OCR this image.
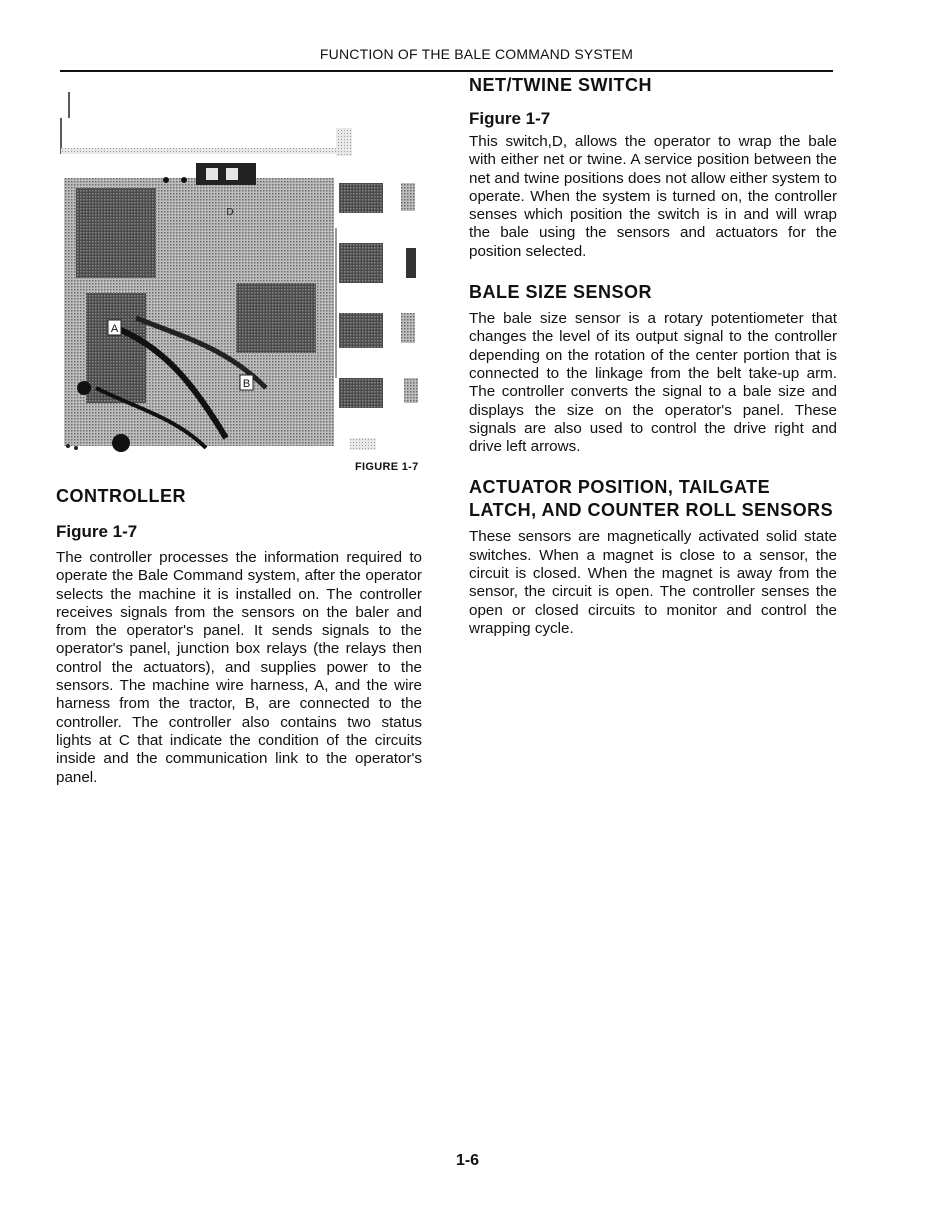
FUNCTION OF THE BALE COMMAND SYSTEM
A
B
D
FIGURE 1-7
CONTROLLER
Figure 1-7

The controller processes the information required to operate the Bale Command system, after the operator selects the machine it is installed on. The controller receives signals from the sensors on the baler and from the operator's panel. It sends signals to the operator's panel, junction box relays (the relays then control the actuators), and supplies power to the sensors. The machine wire harness, A, and the wire harness from the tractor, B, are connected to the controller. The controller also contains two status lights at C that indicate the condition of the circuits inside and the communication link to the operator's panel.

NET/TWINE SWITCH
Figure 1-7

This switch,D, allows the operator to wrap the bale with either net or twine. A service position between the net and twine positions does not allow either system to operate. When the system is turned on, the controller senses which position the switch is in and will wrap the bale using the sensors and actuators for the position selected.

BALE SIZE SENSOR

The bale size sensor is a rotary potentiometer that changes the level of its output signal to the controller depending on the rotation of the center portion that is connected to the linkage from the belt take-up arm. The controller converts the signal to a bale size and displays the size on the operator's panel. These signals are also used to control the drive right and drive left arrows.

ACTUATOR POSITION, TAILGATE
LATCH, AND COUNTER ROLL SENSORS

These sensors are magnetically activated solid state switches. When a magnet is close to a sensor, the circuit is closed. When the magnet is away from the sensor, the circuit is open. The controller senses the open or closed circuits to monitor and control the wrapping cycle.

1-6
